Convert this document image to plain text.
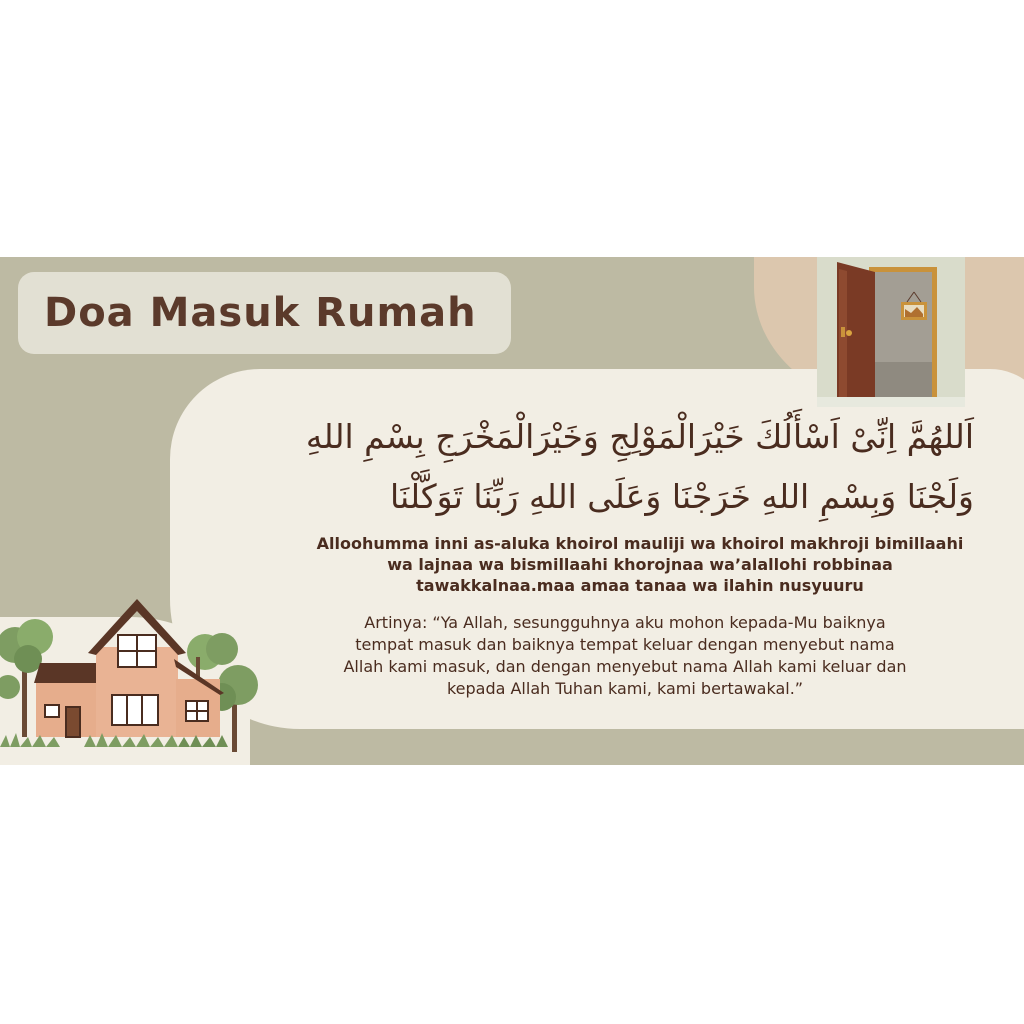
Doa Masuk Rumah
اَللهُمَّ اِنِّىْ اَسْأَلُكَ خَيْرَالْمَوْلِجِ وَخَيْرَالْمَخْرَجِ بِسْمِ اللهِ
وَلَجْنَا وَبِسْمِ اللهِ خَرَجْنَا وَعَلَى اللهِ رَبِّنَا تَوَكَّلْنَا
Alloohumma inni as-aluka khoirol mauliji wa khoirol makhroji bimillaahi
wa lajnaa wa bismillaahi khorojnaa wa’alallohi robbinaa
tawakkalnaa.maa amaa tanaa wa ilahin nusyuuru
Artinya: “Ya Allah, sesungguhnya aku mohon kepada-Mu baiknya
tempat masuk dan baiknya tempat keluar dengan menyebut nama
Allah kami masuk, dan dengan menyebut nama Allah kami keluar dan
kepada Allah Tuhan kami, kami bertawakal.”
